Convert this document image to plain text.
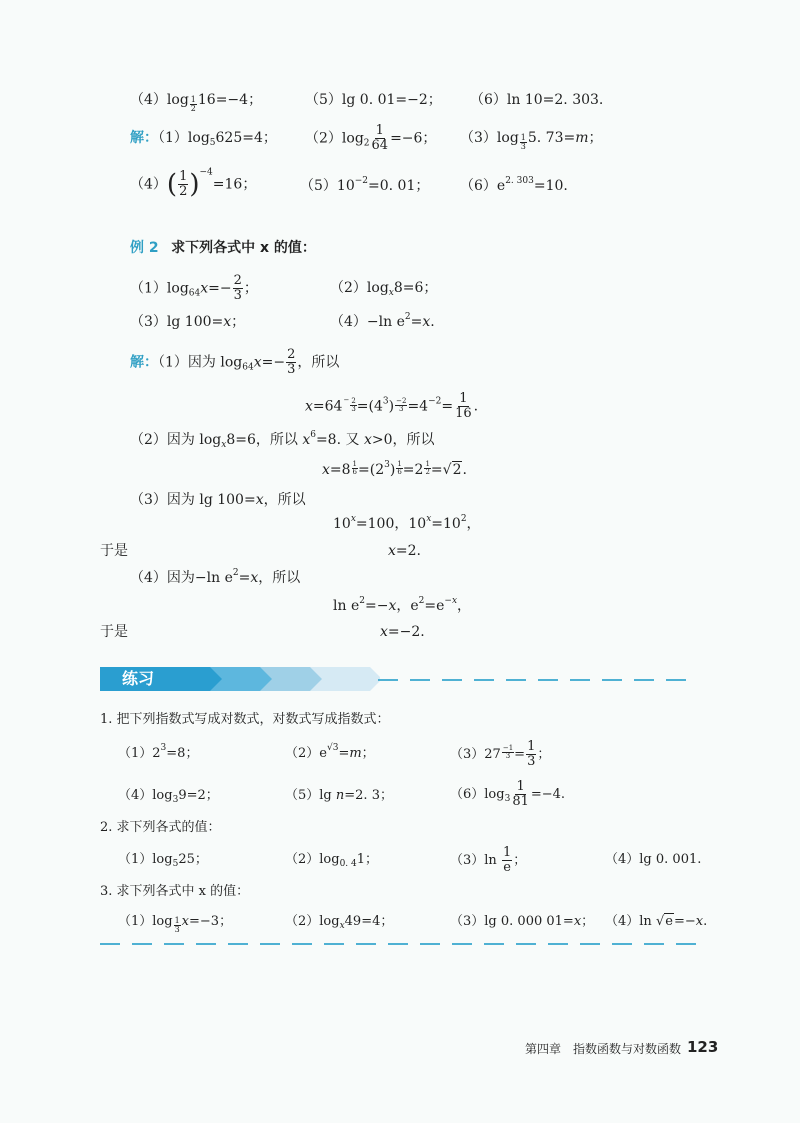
（4）log $_{\frac{1}{2}}$ 16=−4；	（5）lg 0. 01=−2； （6）ln 10=2. 303.
解：$(1)\log_5625=4$； $(2)\log_2 \frac{1}{64} =-6$； （3）log $_{\frac{1}{3}}$ 5. 73=m；
$(4)( \frac{1}{2} )^{-4}=16$；	$(5)10^{-2}=0$. 01； $(6)e^{2. 303}=10$.
例 2 求下列各式中 x 的值：
$(1)\log_{64}x=- \frac{2}{3}$ ；	$(2)\log_x8=6$；
（3）lg 100=x；	（4）−ln $e^2=x$.
解：（1）因为 $\log_{64}x=- \frac{2}{3}$ ，所以
$x=64 - \frac{2}{3} =(4^3) \frac{-2}{3} =4^{-2}= \frac{1}{16}$ .
（2）因为 $\log_x8=6$，所以 $x^6=8$. 又 x>0，所以
$x=8 \frac{1}{6} =(2^3) \frac{1}{6} =2 \frac{1}{2} =√2$.
（3）因为 lg 100=x，所以
$10^x=100$，$10^x=10^2$，
于是	x=2.
（4）因为−ln $e^2=x$，所以
$\ln e^2=-x$，$e^2=e^{-x}$，
于是	x=−2.
练习
1. 把下列指数式写成对数式，对数式写成指数式：
$(1)2^3=8$；	$(2)e^{√3}=m$；	$(3)27 \frac{-1}{3} = \frac{1}{3}$ ；
$(4)\log_39=2$；	（5）lg n=2. 3；	$(6)\log_3 \frac{1}{81} =-4$.
2. 求下列各式的值：
$(1)\log_525$；	$(2)\log_{0. 4}1$；	$(3)\ln \frac{1}{e}$ ；	（4）lg 0. 001.
3. 求下列各式中 x 的值：
（1）log $_{\frac{1}{3}}$ x=−3；	$(2)\log_x49=4$；	（3）lg 0. 000 01=x； （4）ln √e=−x.
第四章　指数函数与对数函数 123
